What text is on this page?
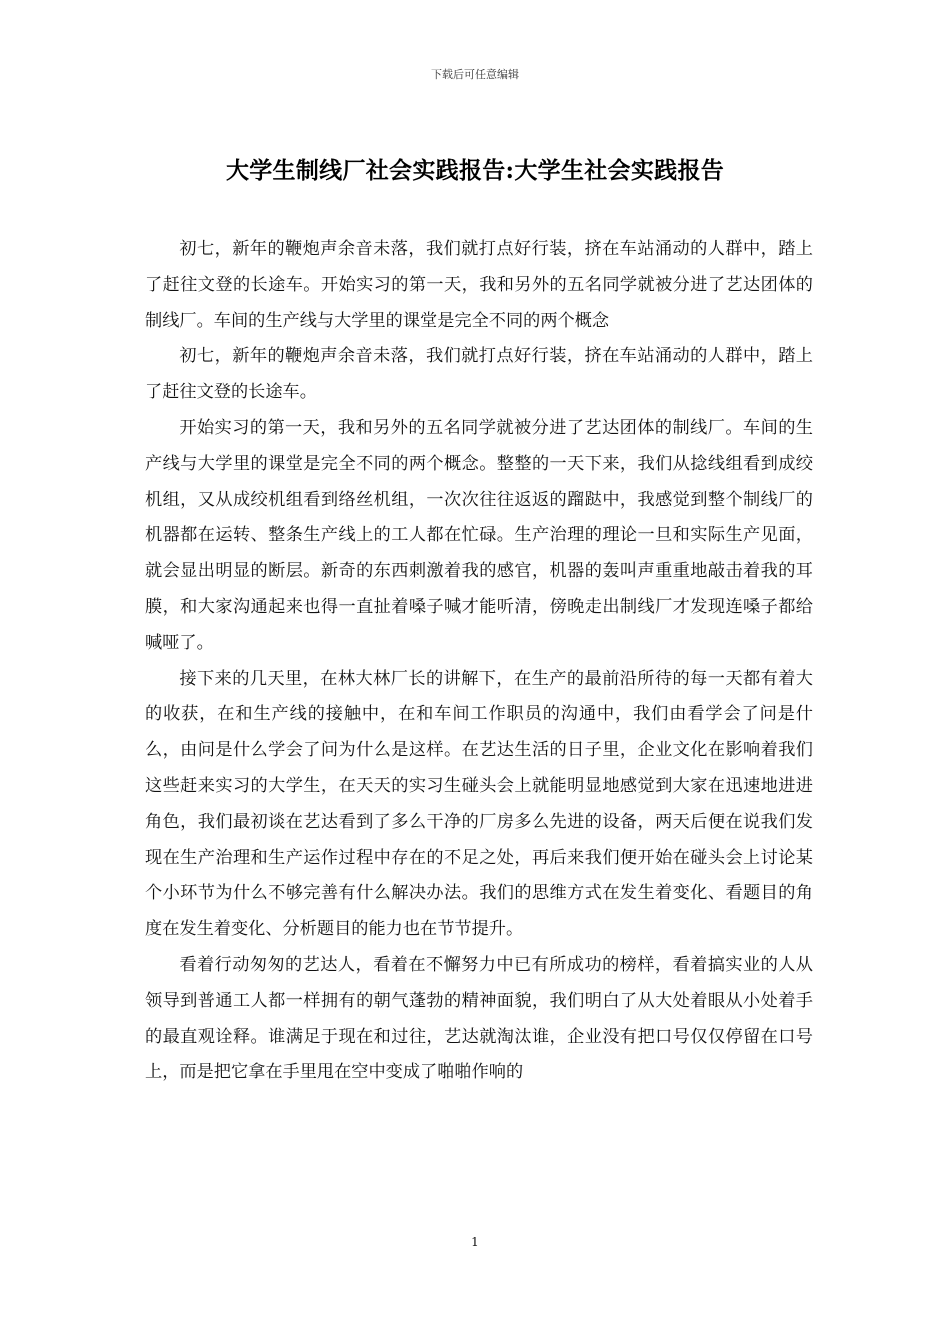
下载后可任意编辑
大学生制线厂社会实践报告:大学生社会实践报告

初七，新年的鞭炮声余音未落，我们就打点好行装，挤在车站涌动的人群中，踏上了赶往文登的长途车。开始实习的第一天，我和另外的五名同学就被分进了艺达团体的制线厂。车间的生产线与大学里的课堂是完全不同的两个概念

初七，新年的鞭炮声余音未落，我们就打点好行装，挤在车站涌动的人群中，踏上了赶往文登的长途车。

开始实习的第一天，我和另外的五名同学就被分进了艺达团体的制线厂。车间的生产线与大学里的课堂是完全不同的两个概念。整整的一天下来，我们从捻线组看到成绞机组，又从成绞机组看到络丝机组，一次次往往返返的蹓跶中，我感觉到整个制线厂的机器都在运转、整条生产线上的工人都在忙碌。生产治理的理论一旦和实际生产见面，就会显出明显的断层。新奇的东西刺激着我的感官，机器的轰叫声重重地敲击着我的耳膜，和大家沟通起来也得一直扯着嗓子喊才能听清，傍晚走出制线厂才发现连嗓子都给喊哑了。

接下来的几天里，在林大林厂长的讲解下，在生产的最前沿所待的每一天都有着大的收获，在和生产线的接触中，在和车间工作职员的沟通中，我们由看学会了问是什么，由问是什么学会了问为什么是这样。在艺达生活的日子里，企业文化在影响着我们这些赶来实习的大学生，在天天的实习生碰头会上就能明显地感觉到大家在迅速地进进角色，我们最初谈在艺达看到了多么干净的厂房多么先进的设备，两天后便在说我们发现在生产治理和生产运作过程中存在的不足之处，再后来我们便开始在碰头会上讨论某个小环节为什么不够完善有什么解决办法。我们的思维方式在发生着变化、看题目的角度在发生着变化、分析题目的能力也在节节提升。

看着行动匆匆的艺达人，看着在不懈努力中已有所成功的榜样，看着搞实业的人从领导到普通工人都一样拥有的朝气蓬勃的精神面貌，我们明白了从大处着眼从小处着手的最直观诠释。谁满足于现在和过往，艺达就淘汰谁，企业没有把口号仅仅停留在口号上，而是把它拿在手里甩在空中变成了啪啪作响的

1
